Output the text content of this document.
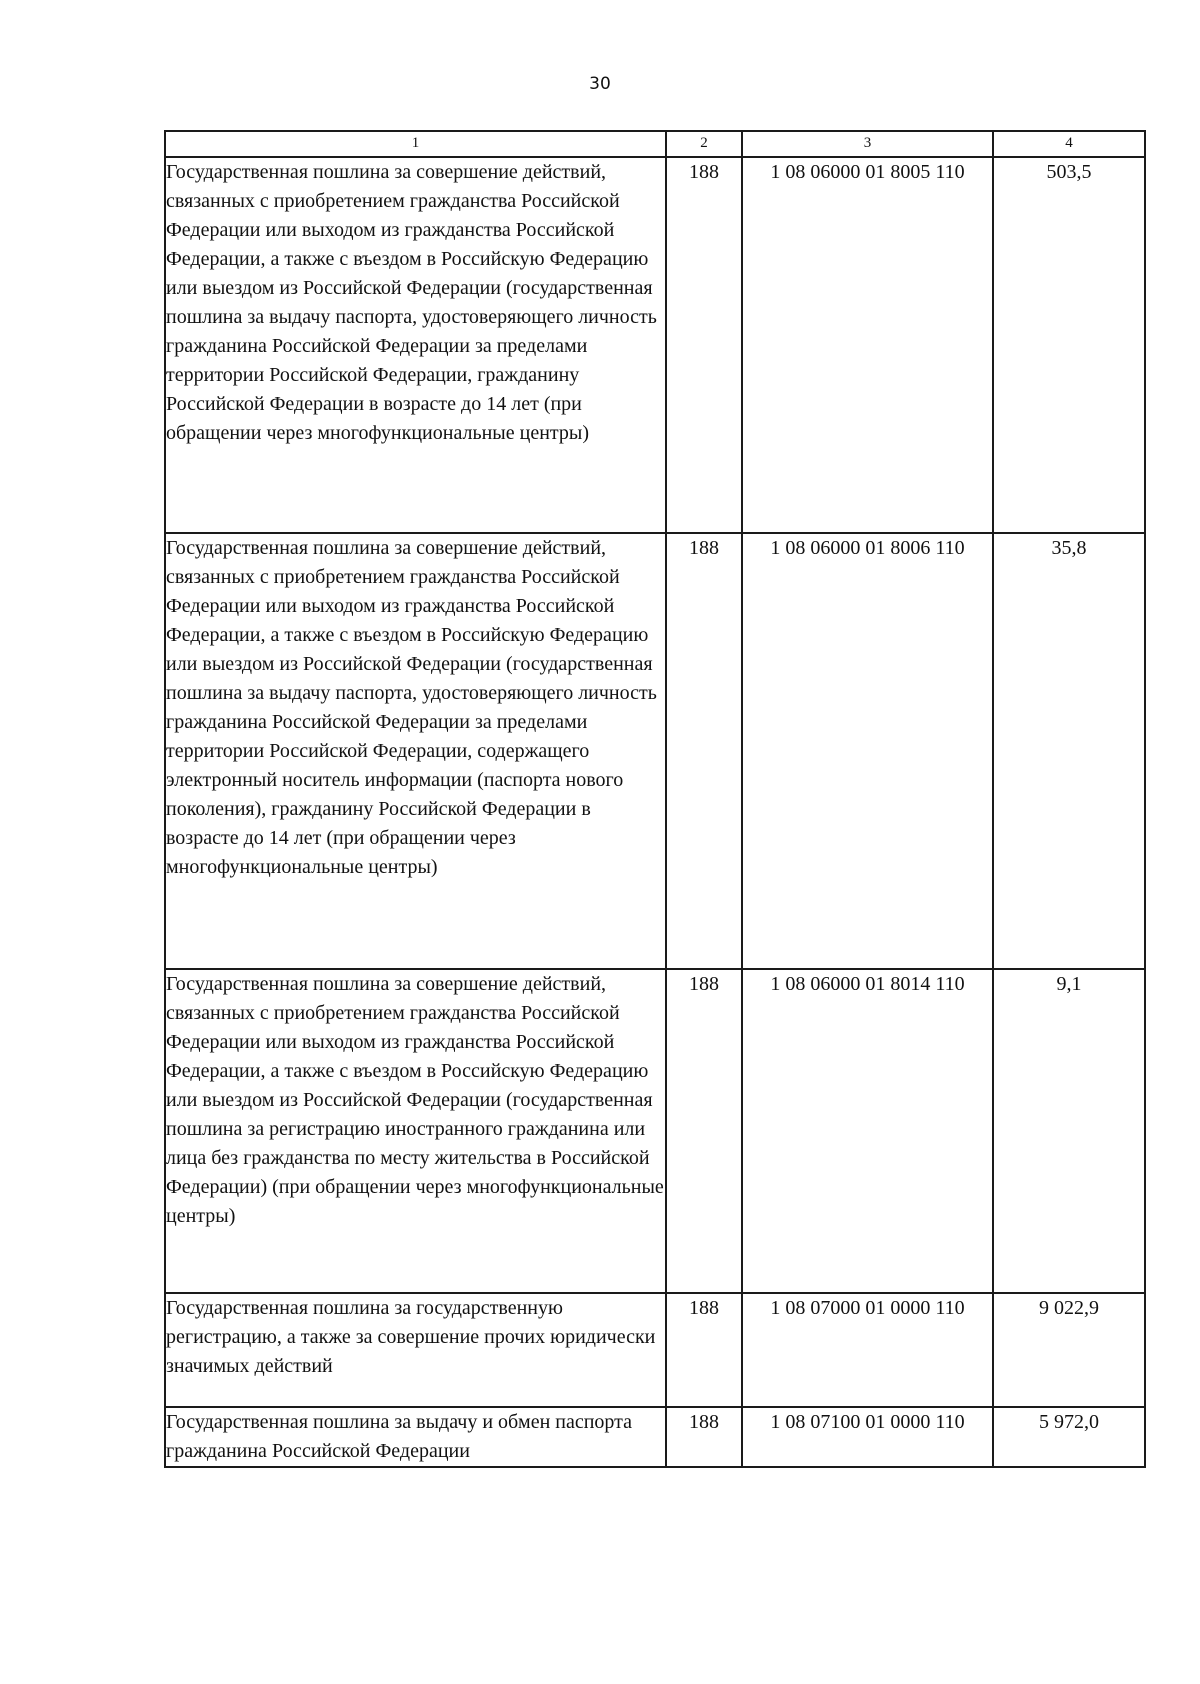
30
1	2	3	4
Государственная пошлина за совершение действий, связанных с приобретением гражданства Российской Федерации или выходом из гражданства Российской Федерации, а также с въездом в Российскую Федерацию или выездом из Российской Федерации (государственная пошлина за выдачу паспорта, удостоверяющего личность гражданина Российской Федерации за пределами территории Российской Федерации, гражданину Российской Федерации в возрасте до 14 лет (при обращении через многофункциональные центры)	188	1 08 06000 01 8005 110	503,5
Государственная пошлина за совершение действий, связанных с приобретением гражданства Российской Федерации или выходом из гражданства Российской Федерации, а также с въездом в Российскую Федерацию или выездом из Российской Федерации (государственная пошлина за выдачу паспорта, удостоверяющего личность гражданина Российской Федерации за пределами территории Российской Федерации, содержащего электронный носитель информации (паспорта нового поколения), гражданину Российской Федерации в возрасте до 14 лет (при обращении через многофункциональные центры)	188	1 08 06000 01 8006 110	35,8
Государственная пошлина за совершение действий, связанных с приобретением гражданства Российской Федерации или выходом из гражданства Российской Федерации, а также с въездом в Российскую Федерацию или выездом из Российской Федерации (государственная пошлина за регистрацию иностранного гражданина или лица без гражданства по месту жительства в Российской Федерации) (при обращении через многофункциональные центры)	188	1 08 06000 01 8014 110	9,1
Государственная пошлина за государственную регистрацию, а также за совершение прочих юридически значимых действий	188	1 08 07000 01 0000 110	9 022,9
Государственная пошлина за выдачу и обмен паспорта гражданина Российской Федерации	188	1 08 07100 01 0000 110	5 972,0
